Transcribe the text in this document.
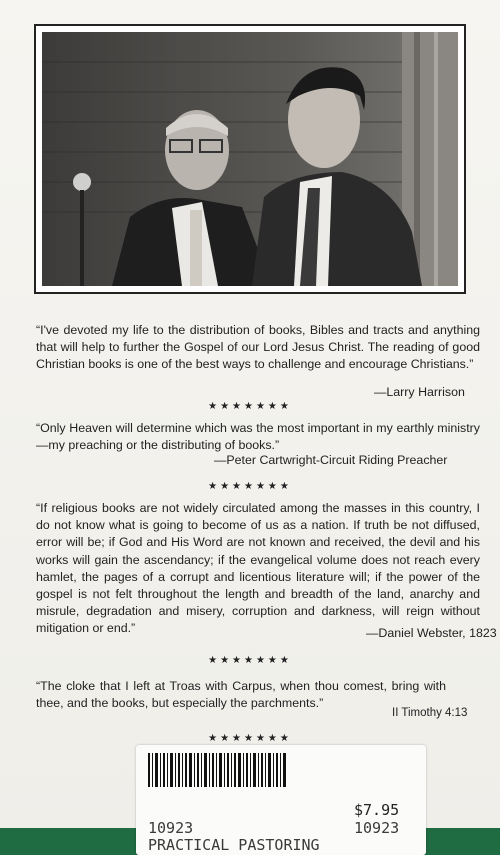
“I've devoted my life to the distribution of books, Bibles and tracts and anything that will help to further the Gospel of our Lord Jesus Christ. The reading of good Christian books is one of the best ways to challenge and encourage Christians.”
—Larry Harrison
★★★★★★★
“Only Heaven will determine which was the most important in my earthly ministry—my preaching or the distributing of books.”
—Peter Cartwright-Circuit Riding Preacher
★★★★★★★
“If religious books are not widely circulated among the masses in this country, I do not know what is going to become of us as a nation. If truth be not diffused, error will be; if God and His Word are not known and received, the devil and his works will gain the ascendancy; if the evangelical volume does not reach every hamlet, the pages of a corrupt and licentious literature will; if the power of the gospel is not felt throughout the length and breadth of the land, anarchy and misrule, degradation and misery, corruption and darkness, will reign without mitigation or end.”	—Daniel Webster, 1823
★★★★★★★
“The cloke that I left at Troas with Carpus, when thou comest, bring with thee, and the books, but especially the parchments.”
II Timothy 4:13
★★★★★★★
$7.95
10923	10923
PRACTICAL PASTORING
